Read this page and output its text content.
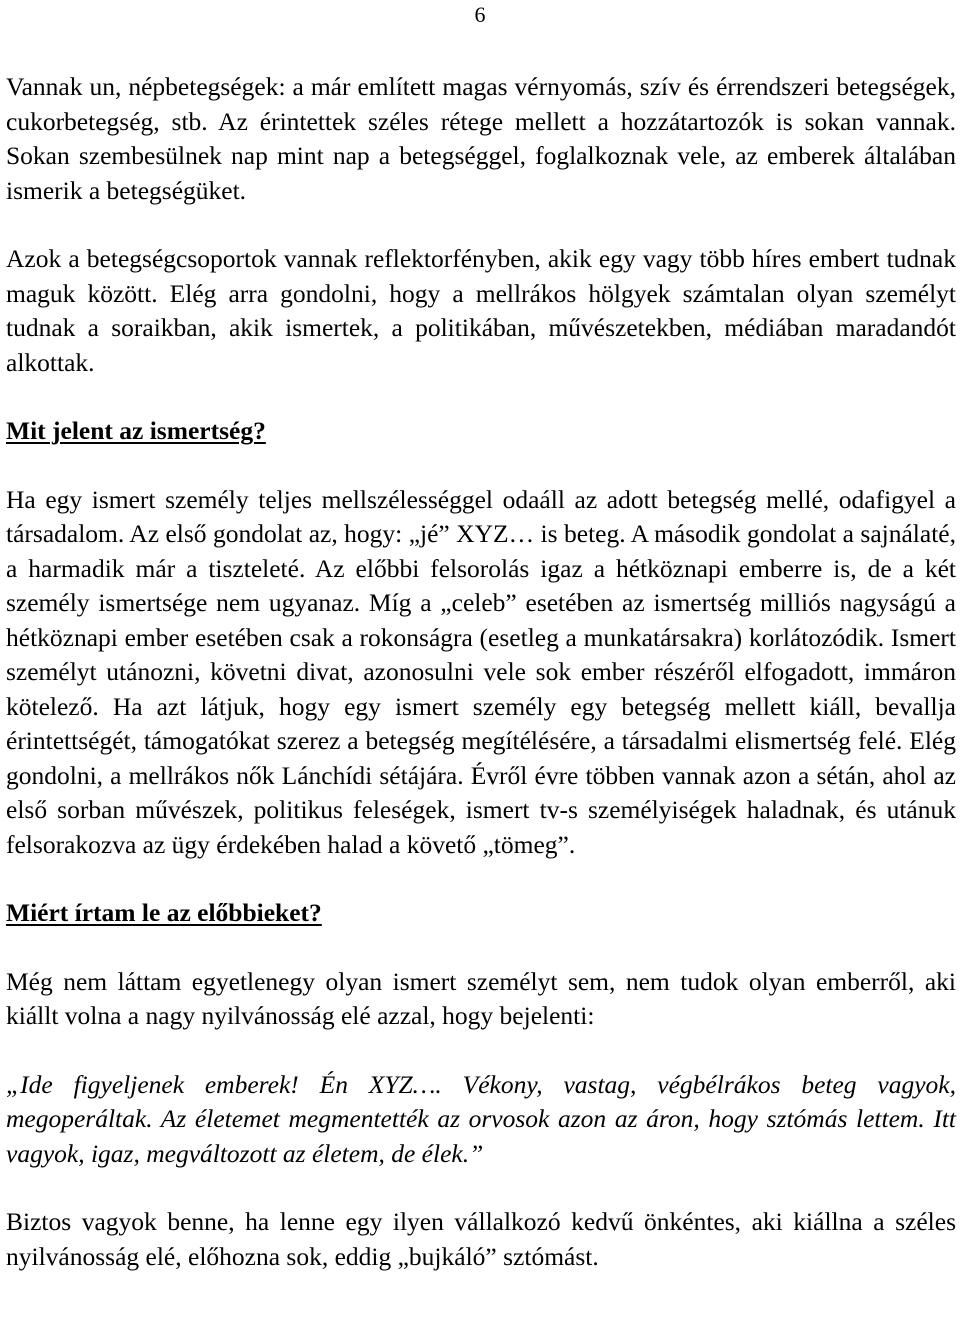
6

Vannak un, népbetegségek: a már említett magas vérnyomás, szív és érrendszeri betegségek, cukorbetegség, stb. Az érintettek széles rétege mellett a hozzátartozók is sokan vannak. Sokan szembesülnek nap mint nap a betegséggel, foglalkoznak vele, az emberek általában ismerik a betegségüket.

Azok a betegségcsoportok vannak reflektorfényben, akik egy vagy több híres embert tudnak maguk között. Elég arra gondolni, hogy a mellrákos hölgyek számtalan olyan személyt tudnak a soraikban, akik ismertek, a politikában, művészetekben, médiában maradandót alkottak.

Mit jelent az ismertség?

Ha egy ismert személy teljes mellszélességgel odaáll az adott betegség mellé, odafigyel a társadalom. Az első gondolat az, hogy: „jé” XYZ… is beteg. A második gondolat a sajnálaté, a harmadik már a tiszteleté. Az előbbi felsorolás igaz a hétköznapi emberre is, de a két személy ismertsége nem ugyanaz. Míg a „celeb” esetében az ismertség milliós nagyságú a hétköznapi ember esetében csak a rokonságra (esetleg a munkatársakra) korlátozódik. Ismert személyt utánozni, követni divat, azonosulni vele sok ember részéről elfogadott, immáron kötelező. Ha azt látjuk, hogy egy ismert személy egy betegség mellett kiáll, bevallja érintettségét, támogatókat szerez a betegség megítélésére, a társadalmi elismertség felé. Elég gondolni, a mellrákos nők Lánchídi sétájára. Évről évre többen vannak azon a sétán, ahol az első sorban művészek, politikus feleségek, ismert tv-s személyiségek haladnak, és utánuk felsorakozva az ügy érdekében halad a követő „tömeg”.

Miért írtam le az előbbieket?

Még nem láttam egyetlenegy olyan ismert személyt sem, nem tudok olyan emberről, aki kiállt volna a nagy nyilvánosság elé azzal, hogy bejelenti:

„Ide figyeljenek emberek! Én XYZ…. Vékony, vastag, végbélrákos beteg vagyok, megoperáltak. Az életemet megmentették az orvosok azon az áron, hogy sztómás lettem. Itt vagyok, igaz, megváltozott az életem, de élek.”

Biztos vagyok benne, ha lenne egy ilyen vállalkozó kedvű önkéntes, aki kiállna a széles nyilvánosság elé, előhozna sok, eddig „bujkáló” sztómást.
